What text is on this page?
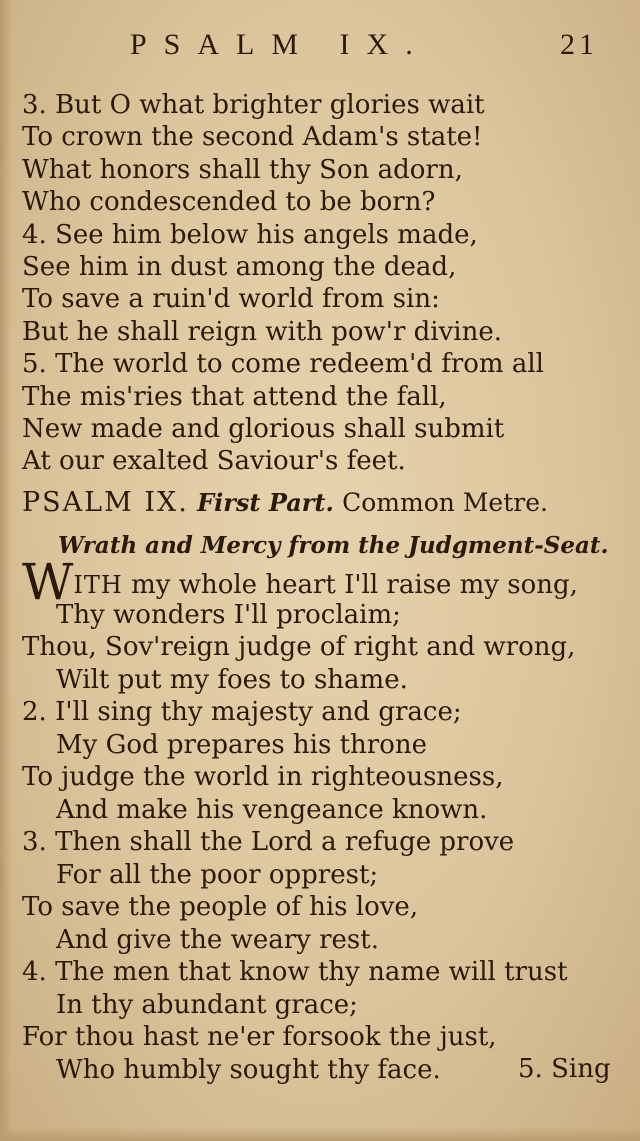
PSALM IX.	21
3. But O what brighter glories wait
To crown the second Adam's state!
What honors shall thy Son adorn,
Who condescended to be born?
4. See him below his angels made,
See him in dust among the dead,
To save a ruin'd world from sin:
But he shall reign with pow'r divine.
5. The world to come redeem'd from all
The mis'ries that attend the fall,
New made and glorious shall submit
At our exalted Saviour's feet.
PSALM IX. First Part. Common Metre.
Wrath and Mercy from the Judgment-Seat.
WITH my whole heart I'll raise my song,
Thy wonders I'll proclaim;
Thou, Sov'reign judge of right and wrong,
Wilt put my foes to shame.
2. I'll sing thy majesty and grace;
My God prepares his throne
To judge the world in righteousness,
And make his vengeance known.
3. Then shall the Lord a refuge prove
For all the poor opprest;
To save the people of his love,
And give the weary rest.
4. The men that know thy name will trust
In thy abundant grace;
For thou hast ne'er forsook the just,
Who humbly sought thy face.	5. Sing
